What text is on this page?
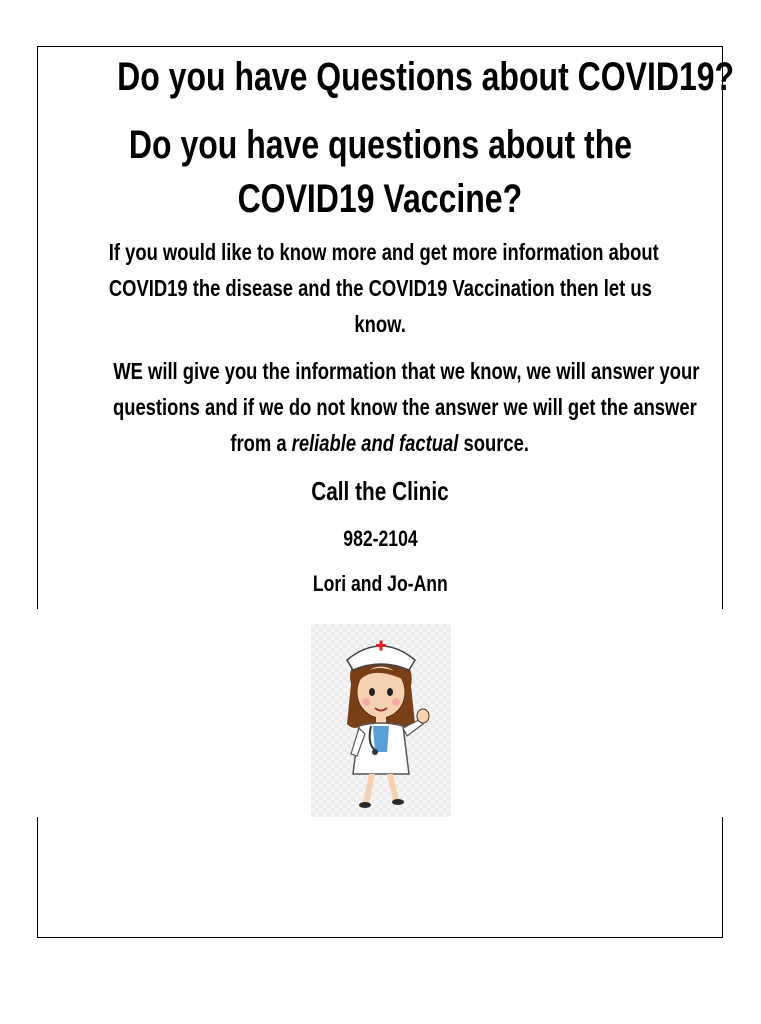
Do you have Questions about COVID19?
Do you have questions about the
COVID19 Vaccine?
If you would like to know more and get more information about
COVID19 the disease and the COVID19 Vaccination then let us
know.
WE will give you the information that we know, we will answer your
questions and if we do not know the answer we will get the answer
from a reliable and factual source.
Call the Clinic
982-2104
Lori and Jo-Ann
